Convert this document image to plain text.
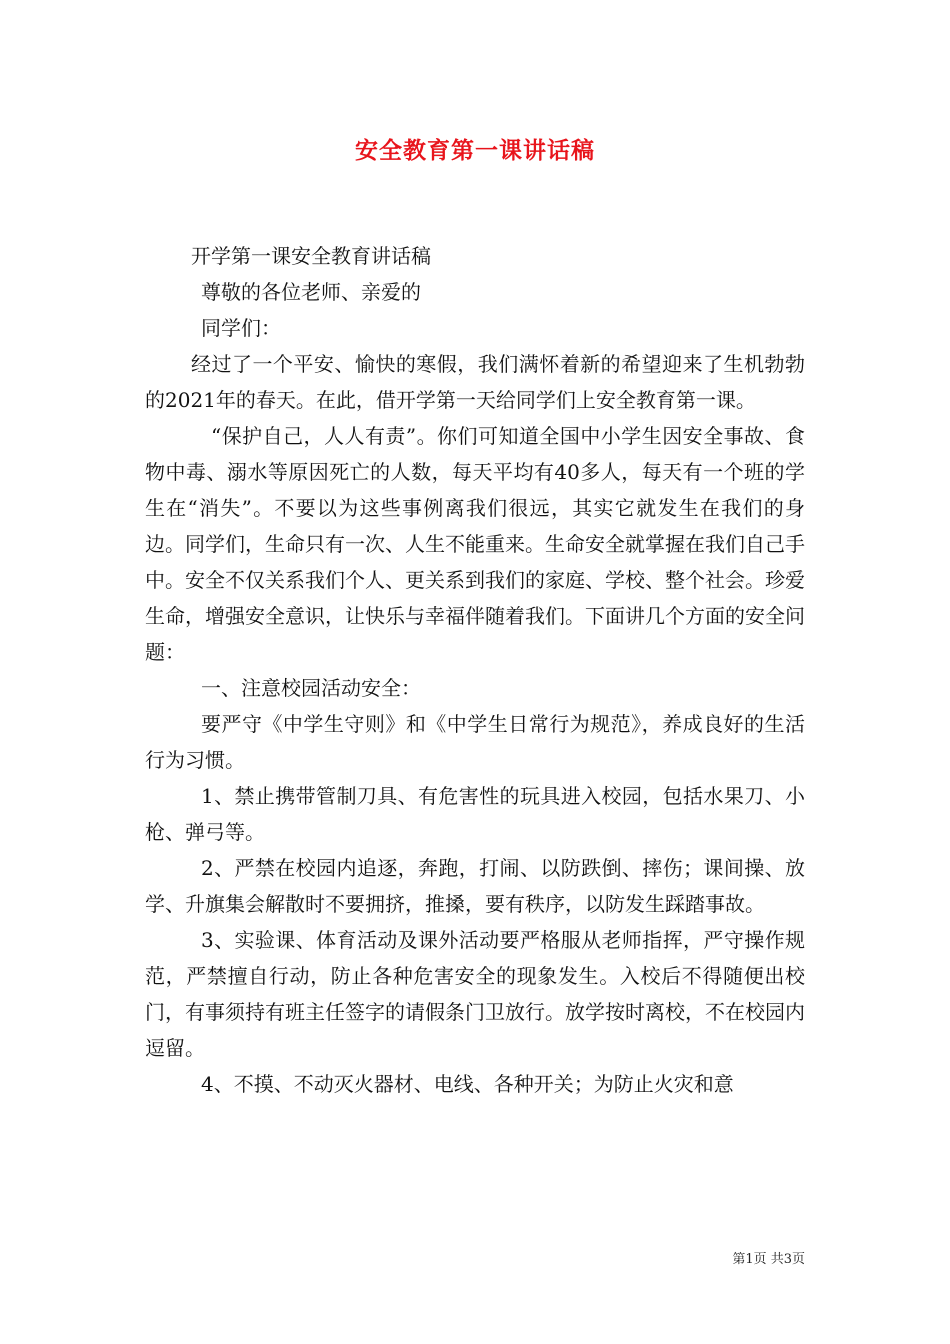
安全教育第一课讲话稿

开学第一课安全教育讲话稿

尊敬的各位老师、亲爱的

同学们：

经过了一个平安、愉快的寒假，我们满怀着新的希望迎来了生机勃勃的2021年的春天。在此，借开学第一天给同学们上安全教育第一课。

“保护自己，人人有责”。你们可知道全国中小学生因安全事故、食物中毒、溺水等原因死亡的人数，每天平均有40多人，每天有一个班的学生在“消失”。不要以为这些事例离我们很远，其实它就发生在我们的身边。同学们，生命只有一次、人生不能重来。生命安全就掌握在我们自己手中。安全不仅关系我们个人、更关系到我们的家庭、学校、整个社会。珍爱生命，增强安全意识，让快乐与幸福伴随着我们。下面讲几个方面的安全问题：

一、注意校园活动安全：

要严守《中学生守则》和《中学生日常行为规范》，养成良好的生活行为习惯。

1、禁止携带管制刀具、有危害性的玩具进入校园，包括水果刀、小枪、弹弓等。

2、严禁在校园内追逐，奔跑，打闹、以防跌倒、摔伤；课间操、放学、升旗集会解散时不要拥挤，推搡，要有秩序，以防发生踩踏事故。

3、实验课、体育活动及课外活动要严格服从老师指挥，严守操作规范，严禁擅自行动，防止各种危害安全的现象发生。入校后不得随便出校门，有事须持有班主任签字的请假条门卫放行。放学按时离校，不在校园内逗留。

4、不摸、不动灭火器材、电线、各种开关；为防止火灾和意

第1页 共3页
